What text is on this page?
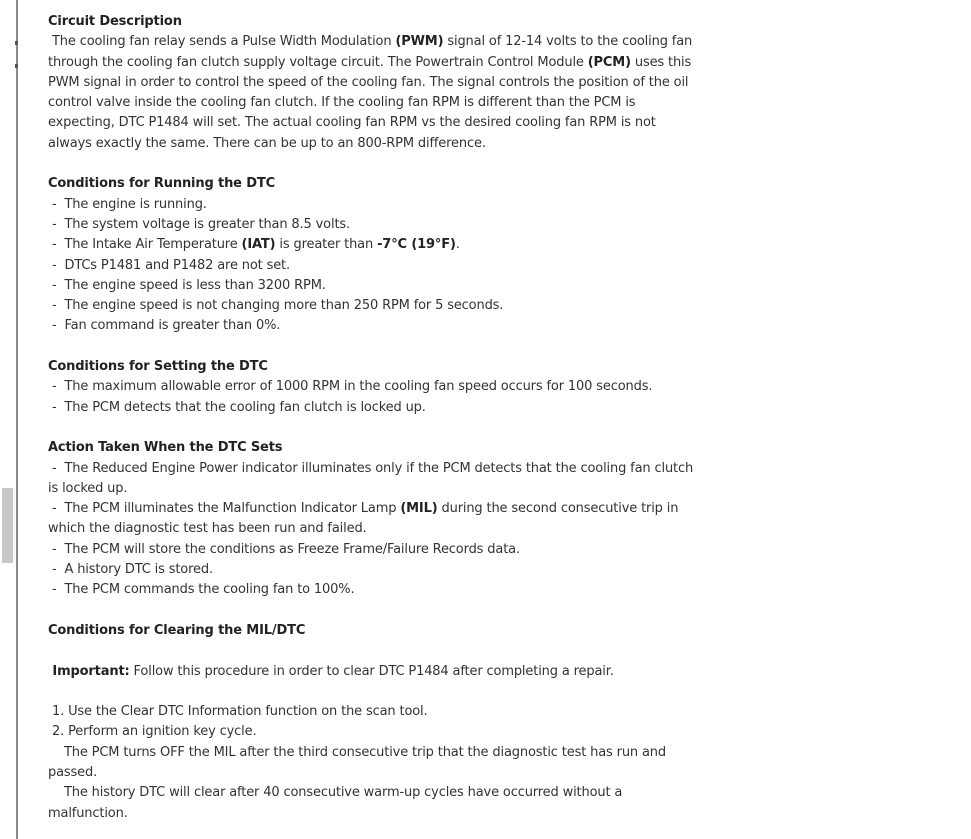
Circuit Description

The cooling fan relay sends a Pulse Width Modulation (PWM) signal of 12-14 volts to the cooling fan through the cooling fan clutch supply voltage circuit. The Powertrain Control Module (PCM) uses this PWM signal in order to control the speed of the cooling fan. The signal controls the position of the oil control valve inside the cooling fan clutch. If the cooling fan RPM is different than the PCM is expecting, DTC P1484 will set. The actual cooling fan RPM vs the desired cooling fan RPM is not always exactly the same. There can be up to an 800-RPM difference.

Conditions for Running the DTC

-  The engine is running.

-  The system voltage is greater than 8.5 volts.

-  The Intake Air Temperature (IAT) is greater than -7°C (19°F).

-  DTCs P1481 and P1482 are not set.

-  The engine speed is less than 3200 RPM.

-  The engine speed is not changing more than 250 RPM for 5 seconds.

-  Fan command is greater than 0%.

Conditions for Setting the DTC

-  The maximum allowable error of 1000 RPM in the cooling fan speed occurs for 100 seconds.

-  The PCM detects that the cooling fan clutch is locked up.

Action Taken When the DTC Sets

-  The Reduced Engine Power indicator illuminates only if the PCM detects that the cooling fan clutch is locked up.

-  The PCM illuminates the Malfunction Indicator Lamp (MIL) during the second consecutive trip in which the diagnostic test has been run and failed.

-  The PCM will store the conditions as Freeze Frame/Failure Records data.

-  A history DTC is stored.

-  The PCM commands the cooling fan to 100%.

Conditions for Clearing the MIL/DTC

Important: Follow this procedure in order to clear DTC P1484 after completing a repair.

1. Use the Clear DTC Information function on the scan tool.

2. Perform an ignition key cycle.

The PCM turns OFF the MIL after the third consecutive trip that the diagnostic test has run and passed.

The history DTC will clear after 40 consecutive warm-up cycles have occurred without a malfunction.
